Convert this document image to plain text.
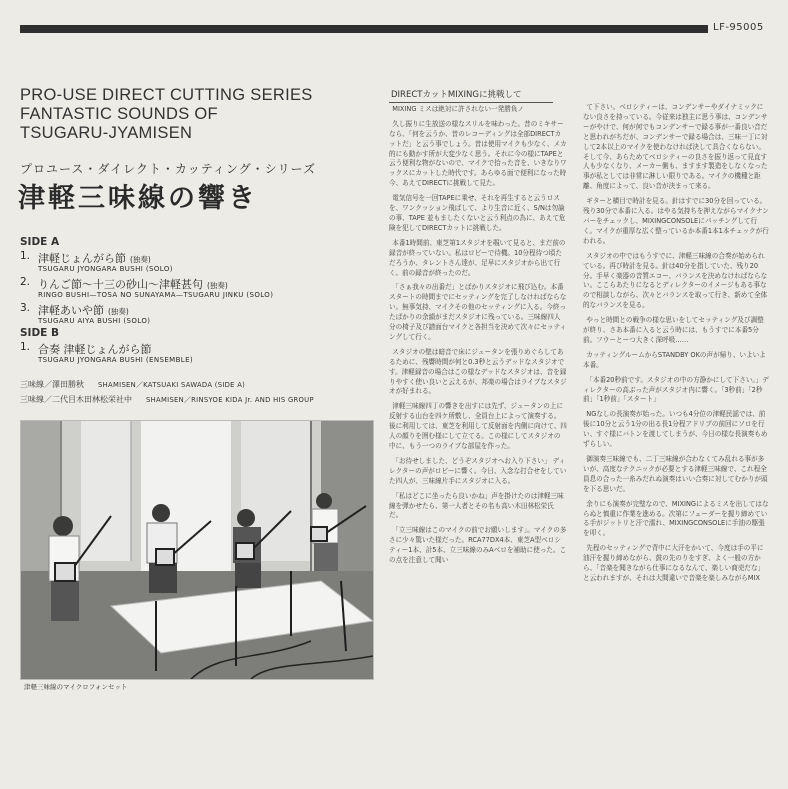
LF-95005
PRO-USE DIRECT CUTTING SERIES
FANTASTIC SOUNDS OF
TSUGARU-JYAMISEN
プロユース・ダイレクト・カッティング・シリーズ
津軽三味線の響き
SIDE A
1. 津軽じょんがら節 (独奏)
TSUGARU JYONGARA BUSHI (SOLO)
2. りんご節〜十三の砂山〜津軽甚句 (独奏)
RINGO BUSHI—TOSA NO SUNAYAMA—TSUGARU JINKU (SOLO)
3. 津軽あいや節 (独奏)
TSUGARU AIYA BUSHI (SOLO)
SIDE B
1. 合奏 津軽じょんがら節
TSUGARU JYONGARA BUSHI (ENSEMBLE)
三味線／澤田勝秋 SHAMISEN／KATSUAKI SAWADA (SIDE A)
三味線／二代目木田林松栄社中 SHAMISEN／RINSYOE KIDA Jr. AND HIS GROUP
津軽三味線のマイクロフォンセット
DIRECTカットMIXINGに挑戦して

MIXING ミスは絶対に許されない一発勝負ノ

久し振りに生放送の様なスリルを味わった。昔のミキサーなら、「何を云うか、昔のレコーディングは全部DIRECTカットだ」と云う事でしょう。昔は使用マイクも少なく、メカ的にも動かす所が大変少なく思う。それに今の様にTAPEと云う便利な物がないので、マイクで拾った音を、いきなりワックスにカットした時代です。あらゆる面で便利になった時今、あえてDIRECTに挑戦して見た。

電気信号を一回TAPEに乗せ、それを再生すると云うロスを、ワンクッション飛ばして、より生音に近く、S/Nは勿論の事、TAPE 並もましたくないと云う利点の為に、あえて危険を犯してDIRECTカットに挑戦した。

本番1時間前、東芝第1スタジオを覗いて見ると、まだ前の録音が終っていない。私はロビーで待機。10分程待つ頃ただろうか、タレントさん達が、足早にスタジオから出て行く。前の録音が終ったのだ。

「さぁ我々の出番だ」とばかりスタジオに飛び込む。本番スタートの時間までにセッティングを完了しなければならない。無事気持、マイクその他のセッティングに入る。今終ったばかりの余韻がまだスタジオに残っている。三味線四人分の椅子及び譜面台マイクと各担当を決めて次々にセッティングして行く。

スタジオの壁は暗音で床にジュータンを張りめぐらしてあるために、残響時間が何と0.3秒と云うデッドなスタジオです。津軽録音の場合はこの様なデッドなスタジオは、音を録りやすく使い良いと云えるが、邦楽の場合はライブなスタジオが好まれる。

津軽三味線四丁の響きを出すには先ず、ジュータンの上に反射する山台を四ケ所敷し、全員台上によって演奏する。後に利用しては、東芝を利用して反射面を内側に向けて、四人の顔りを囲む様にして立てる。この様にしてスタジオの中に、もう一つのライブな部屋を作った。

「お待せしました、どうぞスタジオへお入り下さい」 ディレクターの声がロビーに響く。今日、入念な打合せをしていた四人が、三味線片手にスタジオに入る。

「私はどこに坐ったら良いかね」声を掛けたのは津軽三味線を弾かせたら、第一人者とその名も高い木田林松栄氏だ。

「立三味線はこのマイクの前でお願いします」。マイクの多さに少々驚いた様だった。RCA77DX4本、東芝A型ベロシティー1本、計5本、立三味線のみAベロを補助に使った。この点を注意して聞い

て下さい。ベロシティーは、コンデンサーやダイナミックにない良さを持っている。今従来は独主に思う事は、コンデンサーがやけで、何が何でもコンデンサーで録る事が一番良い音だと思われがちだが、コンデンサーで録る場合は、三味一丁に対して2本以上のマイクを使わなければ決して具合くならない。そして今、あらためてベロシティーの良さを振り返って見直す人も少なくなり、メーカー側も、ますます製造をしなくなった事が私としては非常に淋しい限りである。マイクの機種と距離、角度によって、良い音が決まって来る。

ギターと横目で時計を見る。針はすでに30分を回っている。残り30分で本番に入る。はやる気持ちを押えながらマイクナンバーをチェックし、MIXINGCONSOLEにパッチングして行く。マイクが重厚な広く整っているか本番1本1本チェックが行われる。

スタジオの中ではもうすでに、津軽三味線の合奏が始められている。再び時計を見る。針は40分を指していた、残り20分。手早く楽器の音質エコー、バランスを決めなければならない。ここらあたりになるとディレクターのイメージもある事なので相談しながら、次々とバランスを取って行き、新めて全体的なバランスを見る。

やっと時間との戦争の様な思いをしてセッティング及び調整が終り、さあ本番に入ると云う時には、もうすでに本番5分前。フウーとーつ大きく深呼吸……

カッティングルームからSTANDBY OKの声が帰り、いよいよ本番。

「本番20秒前です。スタジオの中の方静かにして下さい。」ディレクターの高ぶった声がスタジオ内に響く。「3秒前」「2秒前」「1秒前」「スタート」

NGなしの長演奏が始った。いつも4分位の津軽民謡では、前後に10分と云う1分の出る長1分程アドリブの前回にソロを行い、すぐ様にバトンを渡してしまうが、今日の様な長演奏もめずらしい。

御演奏三味線でも、二丁三味線が合わなくてみ乱れる事が多いが、高度なテクニックが必要とする津軽三味線で、これ程全員息の合った一糸みだれぬ演奏はいい合奏に対してむかりが頭を下る思いだ。

余りにも演奏が完璧なので、MIXINGによるミスを出してはならぬと慎重に作業を進める。次第にフェーダーを握り締めている手がジットリと汗で濡れ、MIXINGCONSOLEに手油の駆張を叩く。

先程のセッティングで背中に大汗をかいて、今度は手の平に油汗を握り締めながら、鼓の先のりをすぎ、よく一般の方から、「音楽を聞きながら仕事になるなんて、楽しい商売だな」と云われますが、それは大間違いで音楽を楽しみながらMIX
